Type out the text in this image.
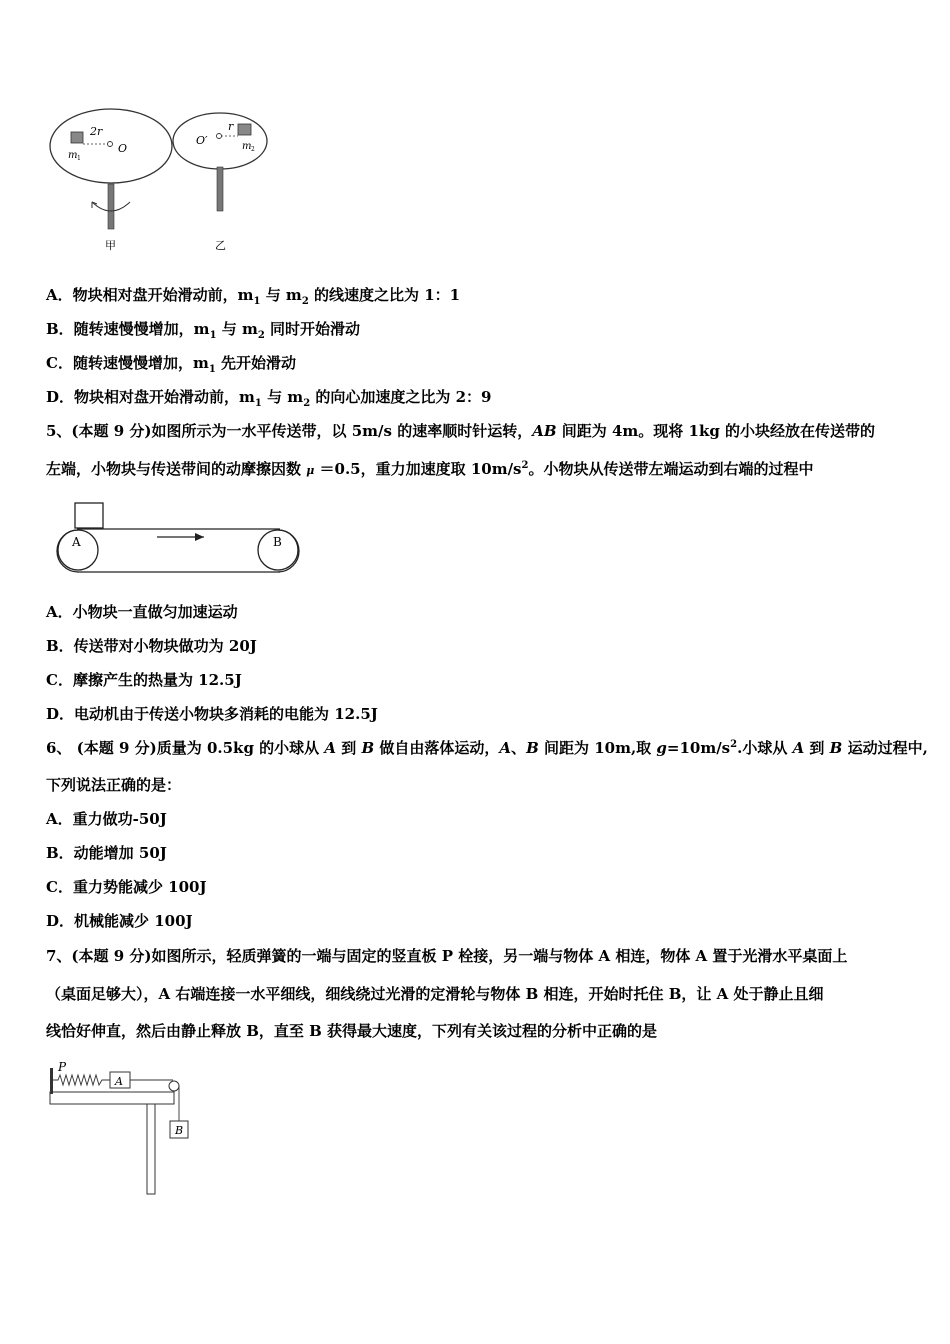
2r
O
m 1
O′
r
m 2
甲	乙
A．物块相对盘开始滑动前，$m_1$ 与 $m_2$ 的线速度之比为 1：1
B．随转速慢慢增加，$m_1$ 与 $m_2$ 同时开始滑动
C．随转速慢慢增加，$m_1$ 先开始滑动
D．物块相对盘开始滑动前，$m_1$ 与 $m_2$ 的向心加速度之比为 2：9
5、(本题 9 分)如图所示为一水平传送带，以 5m/s 的速率顺时针运转，AB 间距为 4m。现将 1kg 的小块经放在传送带的
左端，小物块与传送带间的动摩擦因数 μ ＝0.5，重力加速度取 $10m/s^2$。小物块从传送带左端运动到右端的过程中
A	B
A．小物块一直做匀加速运动
B．传送带对小物块做功为 20J
C．摩擦产生的热量为 12.5J
D．电动机由于传送小物块多消耗的电能为 12.5J
6、 (本题 9 分)质量为 0.5kg 的小球从 A 到 B 做自由落体运动，A、B 间距为 10m,取 $g=10m/s^2$.小球从 A 到 B 运动过程中,
下列说法正确的是：
A．重力做功-50J
B．动能增加 50J
C．重力势能减少 100J
D．机械能减少 100J
7、(本题 9 分)如图所示，轻质弹簧的一端与固定的竖直板 P 栓接，另一端与物体 A 相连，物体 A 置于光滑水平桌面上
（桌面足够大），A 右端连接一水平细线，细线绕过光滑的定滑轮与物体 B 相连，开始时托住 B，让 A 处于静止且细
线恰好伸直，然后由静止释放 B，直至 B 获得最大速度，下列有关该过程的分析中正确的是
P
A
B
